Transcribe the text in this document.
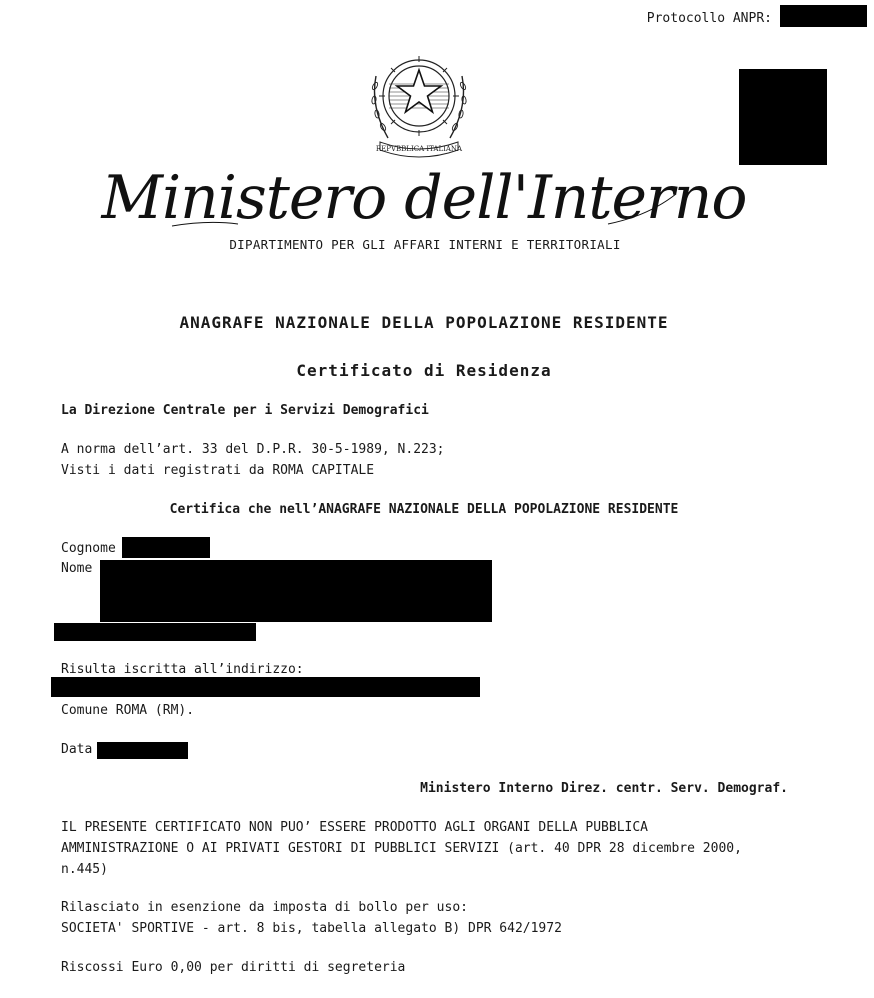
Protocollo ANPR:
REPVBBLICA ITALIANA
Ministero dell'Interno
DIPARTIMENTO PER GLI AFFARI INTERNI E TERRITORIALI
ANAGRAFE NAZIONALE DELLA POPOLAZIONE RESIDENTE
Certificato di Residenza
La Direzione Centrale per i Servizi Demografici
A norma dell’art. 33 del D.P.R. 30-5-1989, N.223;
Visti i dati registrati da ROMA CAPITALE
Certifica che nell’ANAGRAFE NAZIONALE DELLA POPOLAZIONE RESIDENTE
Cognome
Nome
Risulta iscritta all’indirizzo:
Comune ROMA (RM).
Data
Ministero Interno Direz. centr. Serv. Demograf.
IL PRESENTE CERTIFICATO NON PUO’ ESSERE PRODOTTO AGLI ORGANI DELLA PUBBLICA
AMMINISTRAZIONE O AI PRIVATI GESTORI DI PUBBLICI SERVIZI (art. 40 DPR 28 dicembre 2000,
n.445)
Rilasciato in esenzione da imposta di bollo per uso:
SOCIETA' SPORTIVE - art. 8 bis, tabella allegato B) DPR 642/1972
Riscossi Euro 0,00 per diritti di segreteria
